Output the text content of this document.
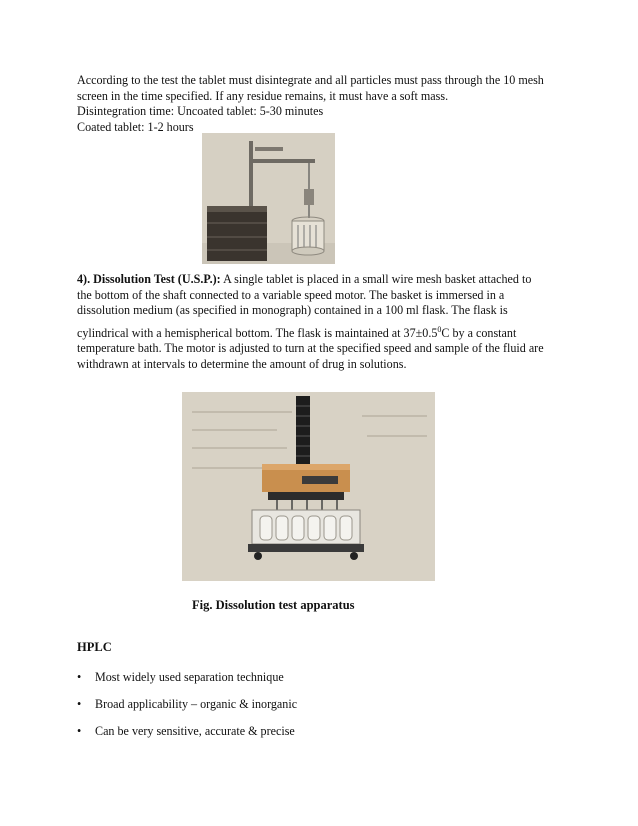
According to the test the tablet must disintegrate and all particles must pass through the 10 mesh
screen in the time specified. If any residue remains, it must have a soft mass.
Disintegration time: Uncoated tablet: 5-30 minutes
Coated tablet: 1-2 hours
4). Dissolution Test (U.S.P.): A single tablet is placed in a small wire mesh basket attached to
the bottom of the shaft connected to a variable speed motor. The basket is immersed in a
dissolution medium (as specified in monograph) contained in a 100 ml flask. The flask is
cylindrical with a hemispherical bottom. The flask is maintained at $37\pm 0.5^0C$ by a constant
temperature bath. The motor is adjusted to turn at the specified speed and sample of the fluid are
withdrawn at intervals to determine the amount of drug in solutions.
Fig. Dissolution test apparatus
HPLC
• Most widely used separation technique
• Broad applicability – organic & inorganic
• Can be very sensitive, accurate & precise
